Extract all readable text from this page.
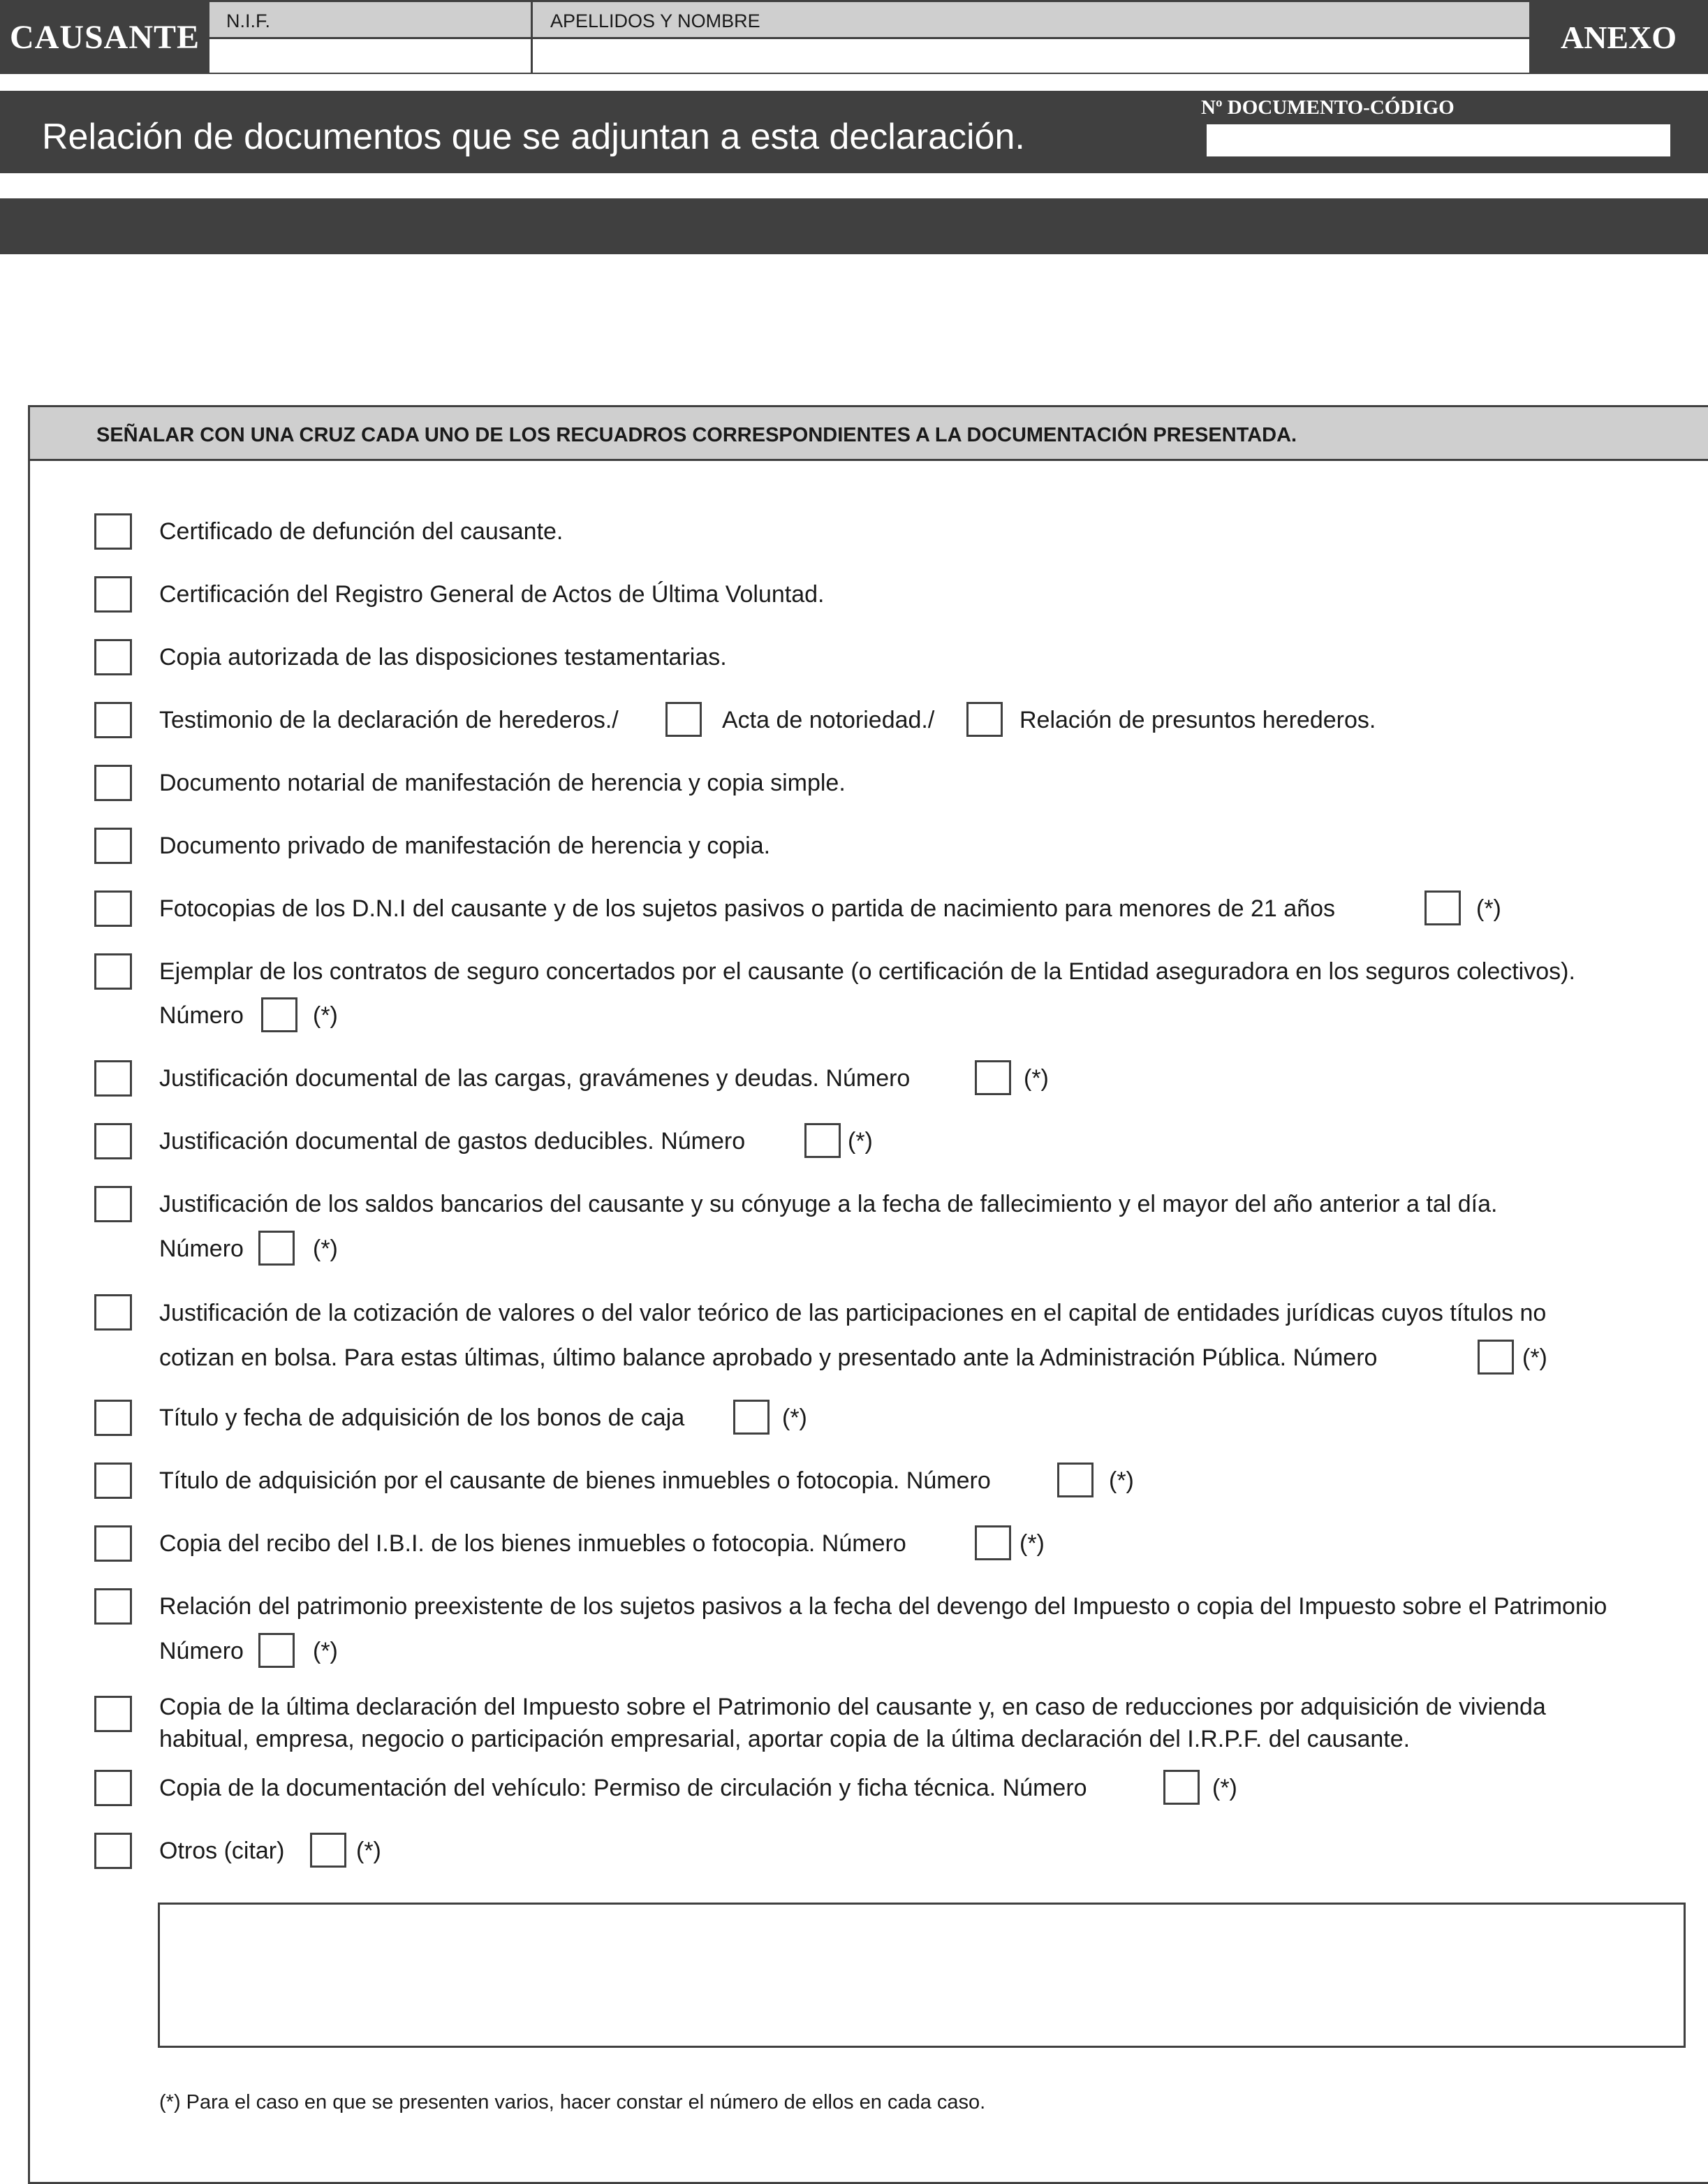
CAUSANTE	N.I.F.	APELLIDOS Y NOMBRE	ANEXO
Relación de documentos que se adjuntan a esta declaración.
Nº DOCUMENTO-CÓDIGO
SEÑALAR CON UNA CRUZ CADA UNO DE LOS RECUADROS CORRESPONDIENTES A LA DOCUMENTACIÓN PRESENTADA.
Certificado de defunción del causante.
Certificación del Registro General de Actos de Última Voluntad.
Copia autorizada de las disposiciones testamentarias.
Testimonio de la declaración de herederos./	Acta de notoriedad./	Relación de presuntos herederos.
Documento notarial de manifestación de herencia y copia simple.
Documento privado de manifestación de herencia y copia.
Fotocopias de los D.N.I del causante y de los sujetos pasivos o partida de nacimiento para menores de 21 años	(*)
Ejemplar de los contratos de seguro concertados por el causante (o certificación de la Entidad aseguradora en los seguros colectivos).
Número	(*)
Justificación documental de las cargas, gravámenes y deudas. Número	(*)
Justificación documental de gastos deducibles. Número	(*)
Justificación de los saldos bancarios del causante y su cónyuge a la fecha de fallecimiento y el mayor del año anterior a tal día.
Número	(*)
Justificación de la cotización de valores o del valor teórico de las participaciones en el capital de entidades jurídicas cuyos títulos no
cotizan en bolsa. Para estas últimas, último balance aprobado y presentado ante la Administración Pública. Número	(*)
Título y fecha de adquisición de los bonos de caja	(*)
Título de adquisición por el causante de bienes inmuebles o fotocopia. Número	(*)
Copia del recibo del I.B.I. de los bienes inmuebles o fotocopia. Número	(*)
Relación del patrimonio preexistente de los sujetos pasivos a la fecha del devengo del Impuesto o copia del Impuesto sobre el Patrimonio
Número	(*)
Copia de la última declaración del Impuesto sobre el Patrimonio del causante y, en caso de reducciones por adquisición de vivienda
habitual, empresa, negocio o participación empresarial, aportar copia de la última declaración del I.R.P.F. del causante.
Copia de la documentación del vehículo: Permiso de circulación y ficha técnica. Número	(*)
Otros (citar)	(*)
(*) Para el caso en que se presenten varios, hacer constar el número de ellos en cada caso.
